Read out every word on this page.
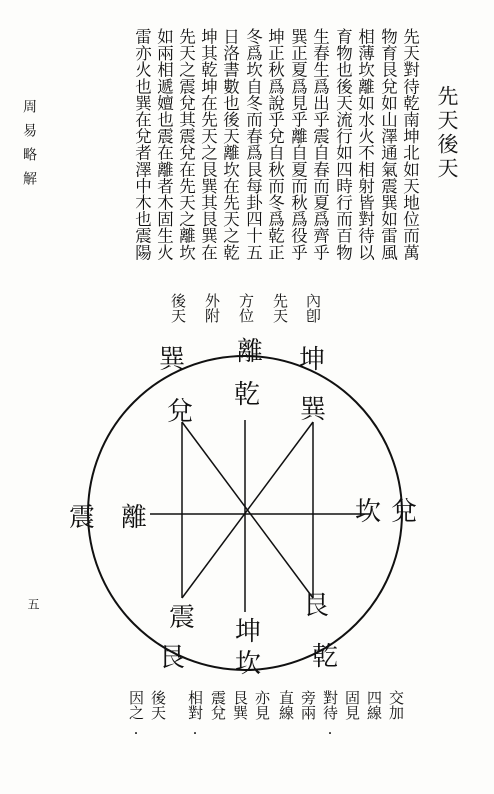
先天後天
先天對待乾南坤北如天地位而萬
物育艮兌如山澤通氣震巽如雷風
相薄坎離如水火不相射皆對待以
育物也後天流行如四時行而百物
生春生爲出乎震自春而夏爲齊乎
巽正夏爲見乎離自夏而秋爲役乎
坤正秋爲說乎兌自秋而冬爲乾正
冬爲坎自冬而春爲艮每卦四十五
日洛書數也後天離坎在先天之乾
坤其乾坤在先天之艮巽其艮巽在
先天之震兌其震兌在先天之離坎
如兩相遞嬗也震在離者木固生火
雷亦火也巽在兌者澤中木也震陽
周易略解
五
內卽
先天
方位
外附
後天
離 坤
巽
震	兌
艮 坎 乾
乾 巽
兌
離	坎
震 坤
艮
交加
四線
固見
對待.
旁兩
直線
亦見
艮巽
震兌
相對.
後天
因之.
